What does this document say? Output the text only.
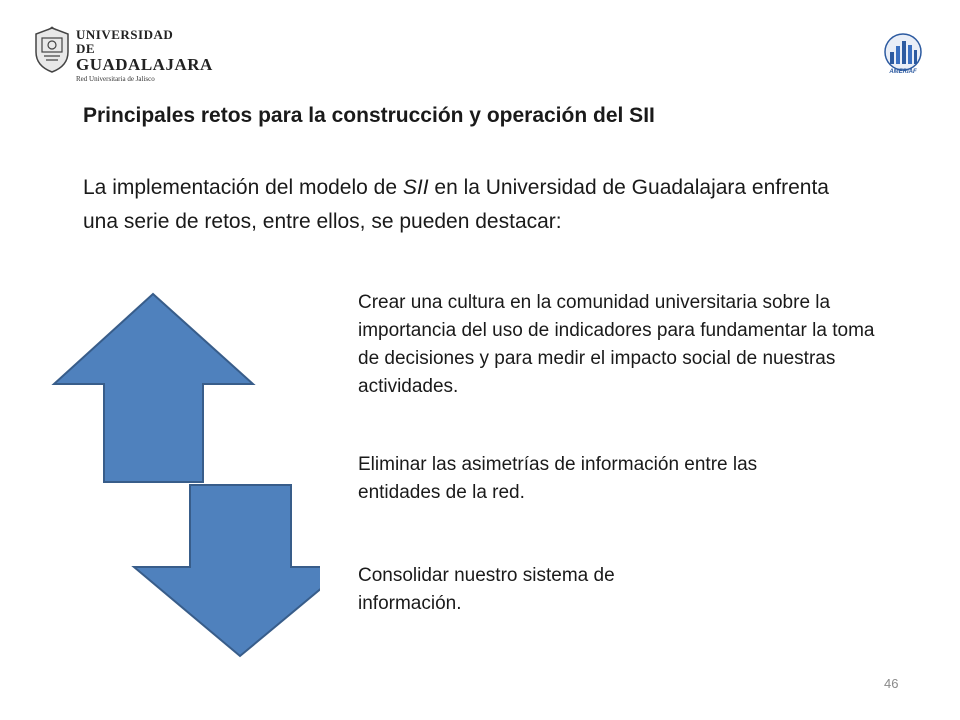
UNIVERSIDAD DE
GUADALAJARA
Red Universitaria de Jalisco
AMERIAF
Principales retos para la construcción y operación del SII
La implementación del modelo de SII en la Universidad de Guadalajara enfrenta una serie de retos, entre ellos, se pueden destacar:
Crear una cultura en la comunidad universitaria sobre la importancia del uso de indicadores para fundamentar la toma de decisiones y para medir el impacto social de nuestras actividades.
Eliminar las asimetrías de información entre las entidades de la red.
Consolidar nuestro sistema de información.
46
